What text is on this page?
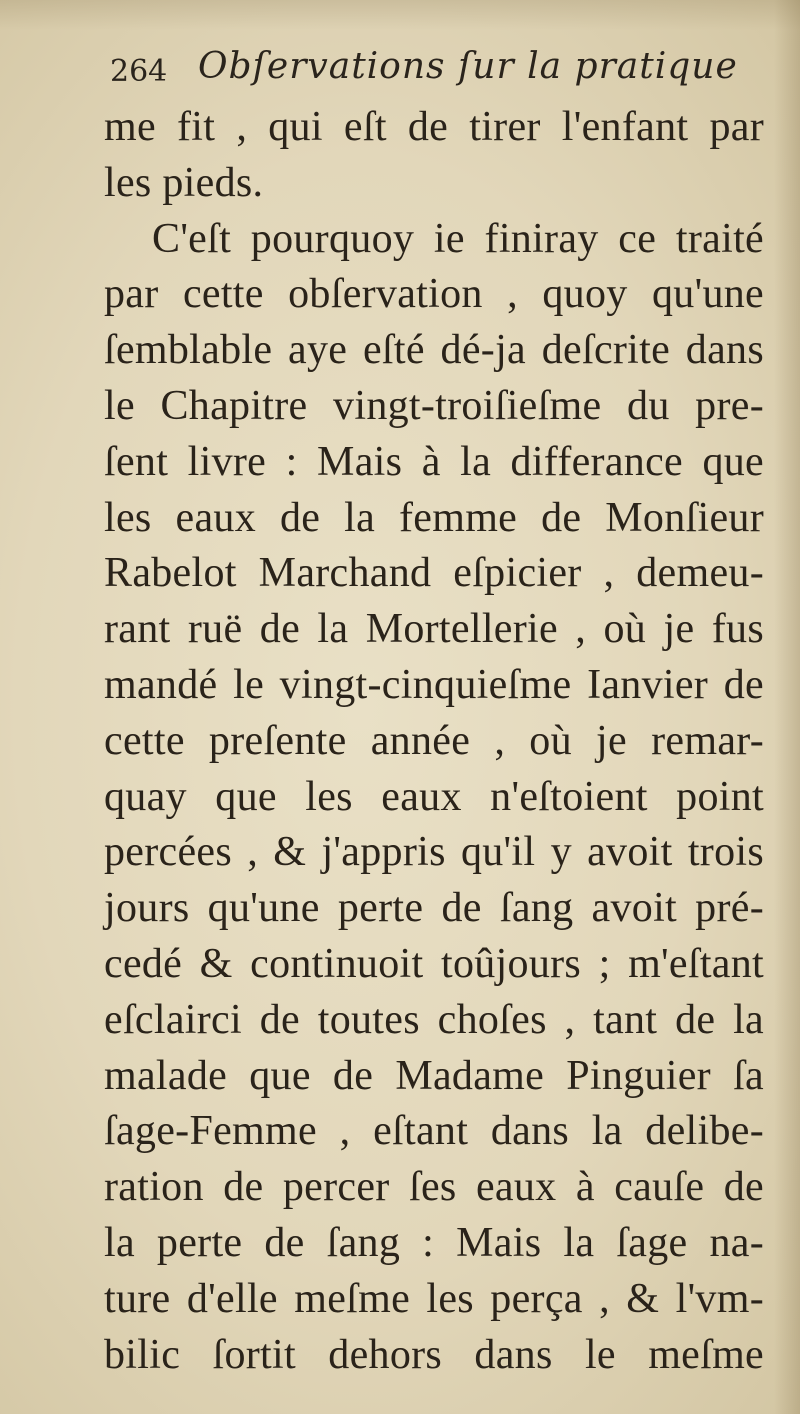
264 Obſervations ſur la pratique
me fit , qui eſt de tirer l'enfant par
les pieds.
C'eſt pourquoy ie finiray ce traité
par cette obſervation , quoy qu'une
ſemblable aye eſté dé-ja deſcrite dans
le Chapitre vingt-troiſieſme du pre-
ſent livre : Mais à la differance que
les eaux de la femme de Monſieur
Rabelot Marchand eſpicier , demeu-
rant ruë de la Mortellerie , où je fus
mandé le vingt-cinquieſme Ianvier de
cette preſente année , où je remar-
quay que les eaux n'eſtoient point
percées , & j'appris qu'il y avoit trois
jours qu'une perte de ſang avoit pré-
cedé & continuoit toûjours ; m'eſtant
eſclairci de toutes choſes , tant de la
malade que de Madame Pinguier ſa
ſage-Femme , eſtant dans la delibe-
ration de percer ſes eaux à cauſe de
la perte de ſang : Mais la ſage na-
ture d'elle meſme les perça , & l'vm-
bilic ſortit dehors dans le meſme
